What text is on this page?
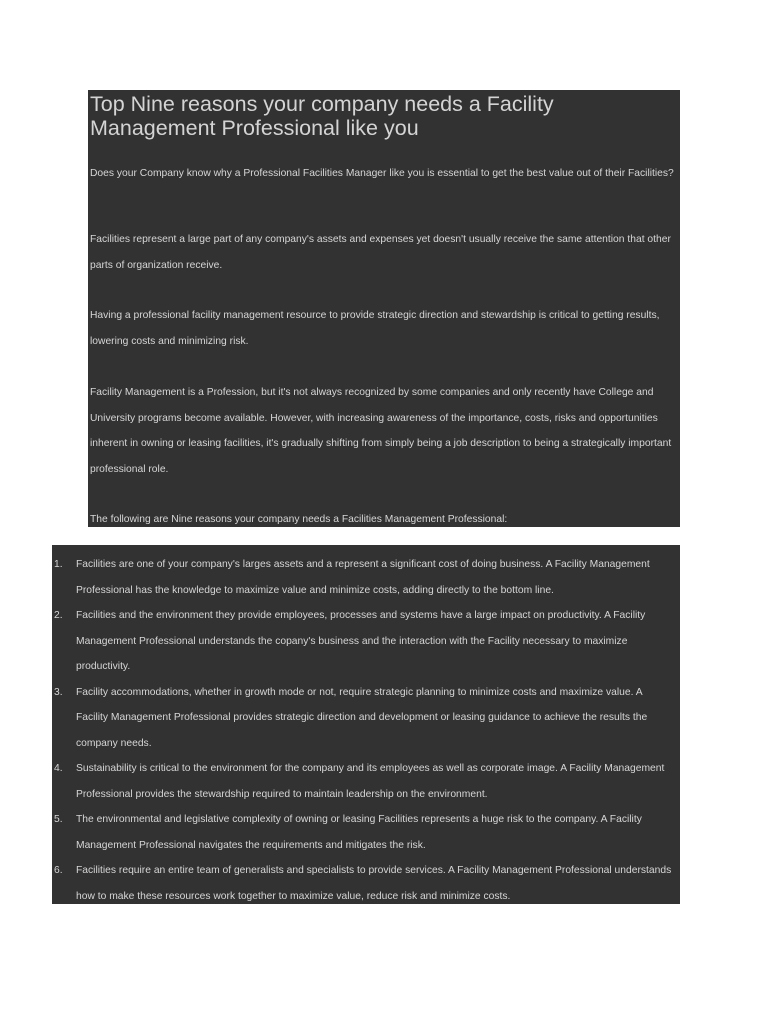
Top Nine reasons your company needs a Facility Management Professional like you

Does your Company know why a Professional Facilities Manager like you is essential to get the best value out of their Facilities?

Facilities represent a large part of any company's assets and expenses yet doesn't usually receive the same attention that other parts of organization receive.

Having a professional facility management resource to provide strategic direction and stewardship is critical to getting results, lowering costs and minimizing risk.

Facility Management is a Profession, but it's not always recognized by some companies and only recently have College and University programs become available. However, with increasing awareness of the importance, costs, risks and opportunities inherent in owning or leasing facilities, it's gradually shifting from simply being a job description to being a strategically important professional role.

The following are Nine reasons your company needs a Facilities Management Professional:

1. Facilities are one of your company's larges assets and a represent a significant cost of doing business. A Facility Management Professional has the knowledge to maximize value and minimize costs, adding directly to the bottom line.
2. Facilities and the environment they provide employees, processes and systems have a large impact on productivity. A Facility Management Professional understands the copany's business and the interaction with the Facility necessary to maximize productivity.
3. Facility accommodations, whether in growth mode or not, require strategic planning to minimize costs and maximize value. A Facility Management Professional provides strategic direction and development or leasing guidance to achieve the results the company needs.
4. Sustainability is critical to the environment for the company and its employees as well as corporate image. A Facility Management Professional provides the stewardship required to maintain leadership on the environment.
5. The environmental and legislative complexity of owning or leasing Facilities represents a huge risk to the company. A Facility Management Professional navigates the requirements and mitigates the risk.
6. Facilities require an entire team of generalists and specialists to provide services. A Facility Management Professional understands how to make these resources work together to maximize value, reduce risk and minimize costs.
